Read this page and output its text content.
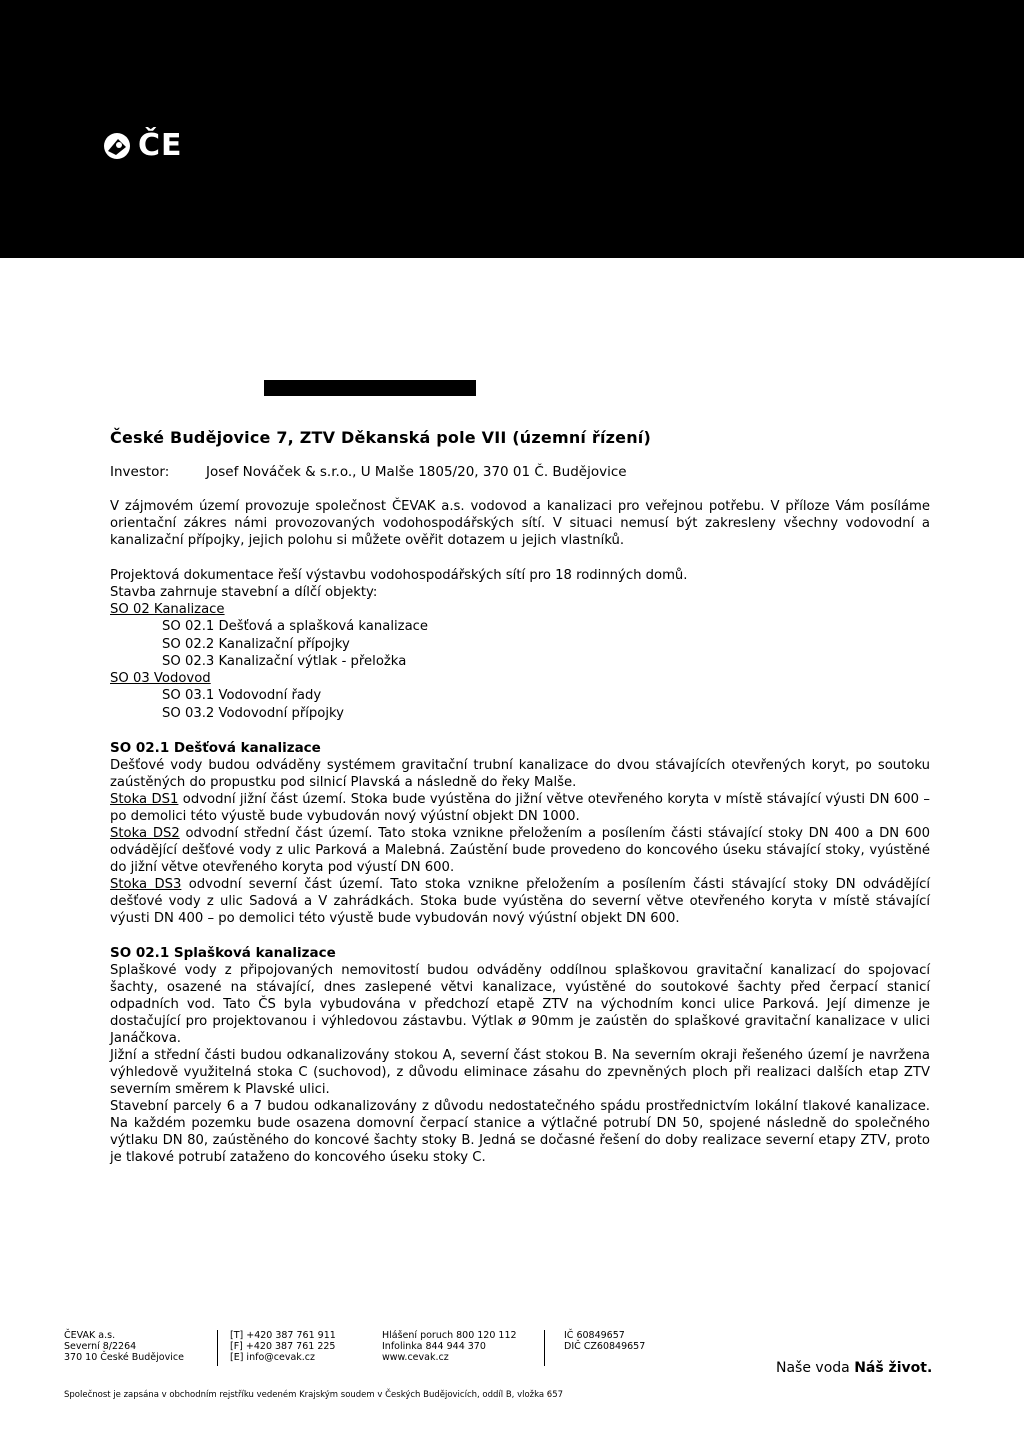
ČE
Váš dopis č.j.:
Ze dne:
Číslo jednací:	018010061028
Vyřizuje:	Martina Šimečková
Tel.:	+420 387 761 425
Fax:	+420 387 761 225
E-mail:
Datum:	24. říjen 2018
EKOEKO s.r.o. Ing. Josef Smažík
Ing. Průcha
České Budějovice 7, ZTV Děkanská pole VII (územní řízení)
Investor:	Josef Nováček & s.r.o., U Malše 1805/20, 370 01 Č. Budějovice

V zájmovém území provozuje společnost ČEVAK a.s. vodovod a kanalizaci pro veřejnou potřebu. V příloze Vám posíláme orientační zákres námi provozovaných vodohospodářských sítí. V situaci nemusí být zakresleny všechny vodovodní a kanalizační přípojky, jejich polohu si můžete ověřit dotazem u jejich vlastníků.

Projektová dokumentace řeší výstavbu vodohospodářských sítí pro 18 rodinných domů.

Stavba zahrnuje stavební a dílčí objekty:

SO 02 Kanalizace
SO 02.1 Dešťová a splašková kanalizace
SO 02.2 Kanalizační přípojky
SO 02.3 Kanalizační výtlak - přeložka
SO 03 Vodovod
SO 03.1 Vodovodní řady
SO 03.2 Vodovodní přípojky
SO 02.1 Dešťová kanalizace

Dešťové vody budou odváděny systémem gravitační trubní kanalizace do dvou stávajících otevřených koryt, po soutoku zaústěných do propustku pod silnicí Plavská a následně do řeky Malše.

Stoka DS1 odvodní jižní část území. Stoka bude vyústěna do jižní větve otevřeného koryta v místě stávající výusti DN 600 – po demolici této výustě bude vybudován nový výústní objekt DN 1000.

Stoka DS2 odvodní střední část území. Tato stoka vznikne přeložením a posílením části stávající stoky DN 400 a DN 600 odvádějící dešťové vody z ulic Parková a Malebná. Zaústění bude provedeno do koncového úseku stávající stoky, vyústěné do jižní větve otevřeného koryta pod výustí DN 600.

Stoka DS3 odvodní severní část území. Tato stoka vznikne přeložením a posílením části stávající stoky DN odvádějící dešťové vody z ulic Sadová a V zahrádkách. Stoka bude vyústěna do severní větve otevřeného koryta v místě stávající výusti DN 400 – po demolici této výustě bude vybudován nový výústní objekt DN 600.

SO 02.1 Splašková kanalizace

Splaškové vody z připojovaných nemovitostí budou odváděny oddílnou splaškovou gravitační kanalizací do spojovací šachty, osazené na stávající, dnes zaslepené větvi kanalizace, vyústěné do soutokové šachty před čerpací stanicí odpadních vod. Tato ČS byla vybudována v předchozí etapě ZTV na východním konci ulice Parková. Její dimenze je dostačující pro projektovanou i výhledovou zástavbu. Výtlak ø 90mm je zaústěn do splaškové gravitační kanalizace v ulici Janáčkova.

Jižní a střední části budou odkanalizovány stokou A, severní část stokou B. Na severním okraji řešeného území je navržena výhledově využitelná stoka C (suchovod), z důvodu eliminace zásahu do zpevněných ploch při realizaci dalších etap ZTV severním směrem k Plavské ulici.

Stavební parcely 6 a 7 budou odkanalizovány z důvodu nedostatečného spádu prostřednictvím lokální tlakové kanalizace. Na každém pozemku bude osazena domovní čerpací stanice a výtlačné potrubí DN 50, spojené následně do společného výtlaku DN 80, zaústěného do koncové šachty stoky B. Jedná se dočasné řešení do doby realizace severní etapy ZTV, proto je tlakové potrubí zataženo do koncového úseku stoky C.

ČEVAK a.s.
Severní 8/2264
370 10 České Budějovice
[T] +420 387 761 911
[F] +420 387 761 225
[E] info@cevak.cz
Hlášení poruch 800 120 112
Infolinka 844 944 370
www.cevak.cz
IČ 60849657
DIČ CZ60849657
Naše voda Náš život.
Společnost je zapsána v obchodním rejstříku vedeném Krajským soudem v Českých Budějovicích, oddíl B, vložka 657
